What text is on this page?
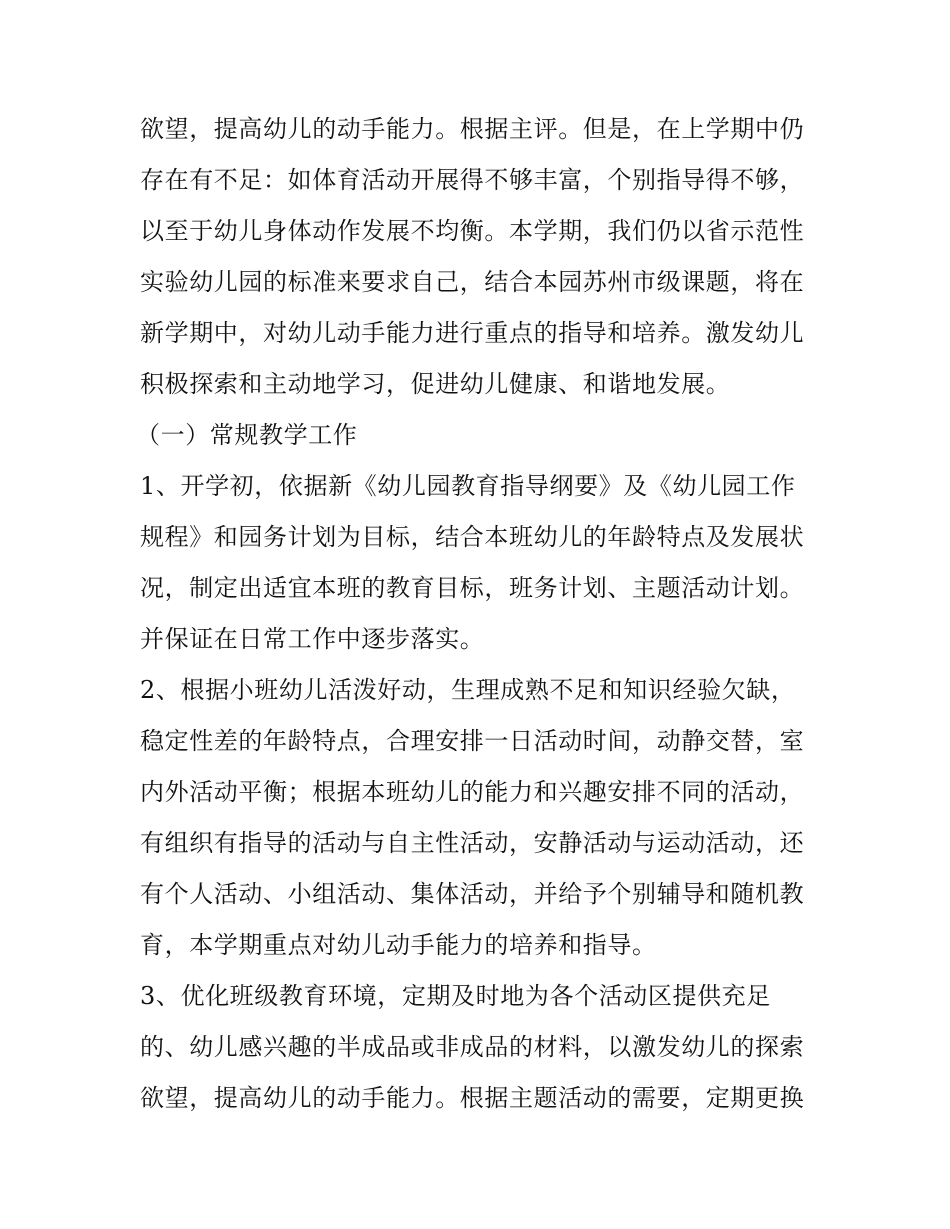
欲望，提高幼儿的动手能力。根据主评。但是，在上学期中仍
存在有不足：如体育活动开展得不够丰富，个别指导得不够，
以至于幼儿身体动作发展不均衡。本学期，我们仍以省示范性
实验幼儿园的标准来要求自己，结合本园苏州市级课题，将在
新学期中，对幼儿动手能力进行重点的指导和培养。激发幼儿
积极探索和主动地学习，促进幼儿健康、和谐地发展。
（一）常规教学工作
1、开学初，依据新《幼儿园教育指导纲要》及《幼儿园工作
规程》和园务计划为目标，结合本班幼儿的年龄特点及发展状
况，制定出适宜本班的教育目标，班务计划、主题活动计划。
并保证在日常工作中逐步落实。
2、根据小班幼儿活泼好动，生理成熟不足和知识经验欠缺，
稳定性差的年龄特点，合理安排一日活动时间，动静交替，室
内外活动平衡；根据本班幼儿的能力和兴趣安排不同的活动，
有组织有指导的活动与自主性活动，安静活动与运动活动，还
有个人活动、小组活动、集体活动，并给予个别辅导和随机教
育，本学期重点对幼儿动手能力的培养和指导。
3、优化班级教育环境，定期及时地为各个活动区提供充足
的、幼儿感兴趣的半成品或非成品的材料，以激发幼儿的探索
欲望，提高幼儿的动手能力。根据主题活动的需要，定期更换
